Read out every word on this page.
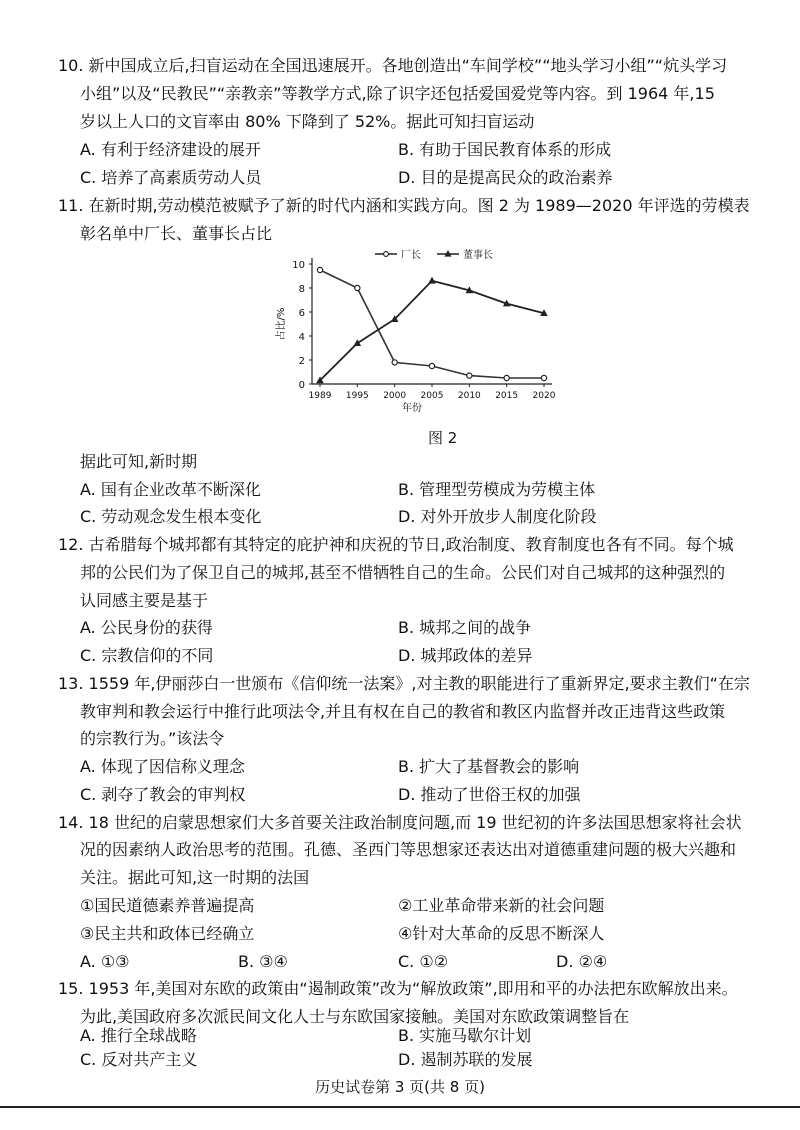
10. 新中国成立后,扫盲运动在全国迅速展开。各地创造出“车间学校”“地头学习小组”“炕头学习
小组”以及“民教民”“亲教亲”等教学方式,除了识字还包括爱国爱党等内容。到 1964 年,15
岁以上人口的文盲率由 80% 下降到了 52%。据此可知扫盲运动
A. 有利于经济建设的展开	B. 有助于国民教育体系的形成
C. 培养了高素质劳动人员	D. 目的是提高民众的政治素养
11. 在新时期,劳动模范被赋予了新的时代内涵和实践方向。图 2 为 1989—2020 年评选的劳模表
彰名单中厂长、董事长占比
0
2
4
6
8
10
1989 1995 2000 2005 2010 2015 2020
年份
占比/%
厂长	董事长
图 2
据此可知,新时期
A. 国有企业改革不断深化	B. 管理型劳模成为劳模主体
C. 劳动观念发生根本变化	D. 对外开放步人制度化阶段
12. 古希腊每个城邦都有其特定的庇护神和庆祝的节日,政治制度、教育制度也各有不同。每个城
邦的公民们为了保卫自己的城邦,甚至不惜牺牲自己的生命。公民们对自己城邦的这种强烈的
认同感主要是基于
A. 公民身份的获得	B. 城邦之间的战争
C. 宗教信仰的不同	D. 城邦政体的差异
13. 1559 年,伊丽莎白一世颁布《信仰统一法案》,对主教的职能进行了重新界定,要求主教们“在宗
教审判和教会运行中推行此项法令,并且有权在自己的教省和教区内监督并改正违背这些政策
的宗教行为。”该法令
A. 体现了因信称义理念	B. 扩大了基督教会的影响
C. 剥夺了教会的审判权	D. 推动了世俗王权的加强
14. 18 世纪的启蒙思想家们大多首要关注政治制度问题,而 19 世纪初的许多法国思想家将社会状
况的因素纳人政治思考的范围。孔德、圣西门等思想家还表达出对道德重建问题的极大兴趣和
关注。据此可知,这一时期的法国
①国民道德素养普遍提高	②工业革命带来新的社会问题
③民主共和政体已经确立	④针对大革命的反思不断深人
A. ①③	B. ③④	C. ①②	D. ②④
15. 1953 年,美国对东欧的政策由“遏制政策”改为“解放政策”,即用和平的办法把东欧解放出来。
为此,美国政府多次派民间文化人士与东欧国家接触。美国对东欧政策调整旨在
A. 推行全球战略	B. 实施马歇尔计划
历史试卷第 3 页(共 8 页)
C. 反对共产主义	D. 遏制苏联的发展
